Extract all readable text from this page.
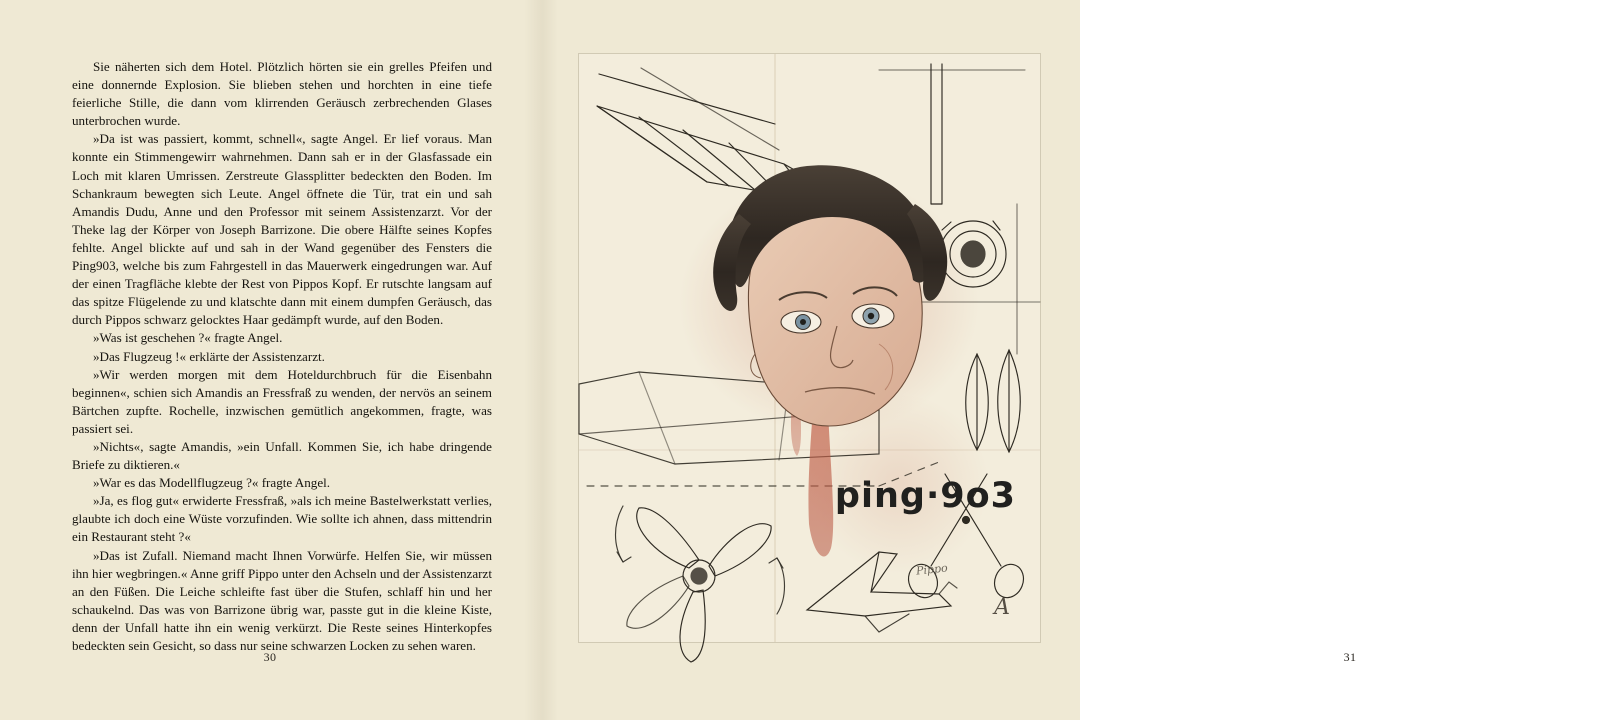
Sie näherten sich dem Hotel. Plötzlich hörten sie ein grelles Pfeifen und eine donnernde Explosion. Sie blieben stehen und horchten in eine tiefe feierliche Stille, die dann vom klirrenden Geräusch zerbrechenden Glases unterbrochen wurde.

»Da ist was passiert, kommt, schnell«, sagte Angel. Er lief voraus. Man konnte ein Stimmengewirr wahrnehmen. Dann sah er in der Glasfassade ein Loch mit klaren Umrissen. Zerstreute Glassplitter bedeckten den Boden. Im Schankraum bewegten sich Leute. Angel öffnete die Tür, trat ein und sah Amandis Dudu, Anne und den Professor mit seinem Assistenzarzt. Vor der Theke lag der Körper von Joseph Barrizone. Die obere Hälfte seines Kopfes fehlte. Angel blickte auf und sah in der Wand gegenüber des Fensters die Ping903, welche bis zum Fahrgestell in das Mauerwerk eingedrungen war. Auf der einen Tragfläche klebte der Rest von Pippos Kopf. Er rutschte langsam auf das spitze Flügelende zu und klatschte dann mit einem dumpfen Geräusch, das durch Pippos schwarz gelocktes Haar gedämpft wurde, auf den Boden.

»Was ist geschehen ?« fragte Angel.

»Das Flugzeug !« erklärte der Assistenzarzt.

»Wir werden morgen mit dem Hoteldurchbruch für die Eisenbahn beginnen«, schien sich Amandis an Fressfraß zu wenden, der nervös an seinem Bärtchen zupfte. Rochelle, inzwischen gemütlich angekommen, fragte, was passiert sei.

»Nichts«, sagte Amandis, »ein Unfall. Kommen Sie, ich habe dringende Briefe zu diktieren.«

»War es das Modellflugzeug ?« fragte Angel.

»Ja, es flog gut« erwiderte Fressfraß, »als ich meine Bastelwerkstatt verlies, glaubte ich doch eine Wüste vorzufinden. Wie sollte ich ahnen, dass mittendrin ein Restaurant steht ?«

»Das ist Zufall. Niemand macht Ihnen Vorwürfe. Helfen Sie, wir müssen ihn hier wegbringen.« Anne griff Pippo unter den Achseln und der Assistenzarzt an den Füßen. Die Leiche schleifte fast über die Stufen, schlaff hin und her schaukelnd. Das was von Barrizone übrig war, passte gut in die kleine Kiste, denn der Unfall hatte ihn ein wenig verkürzt. Die Reste seines Hinterkopfes bedeckten sein Gesicht, so dass nur seine schwarzen Locken zu sehen waren.

30
ping·9o3
Pippo
A
31
